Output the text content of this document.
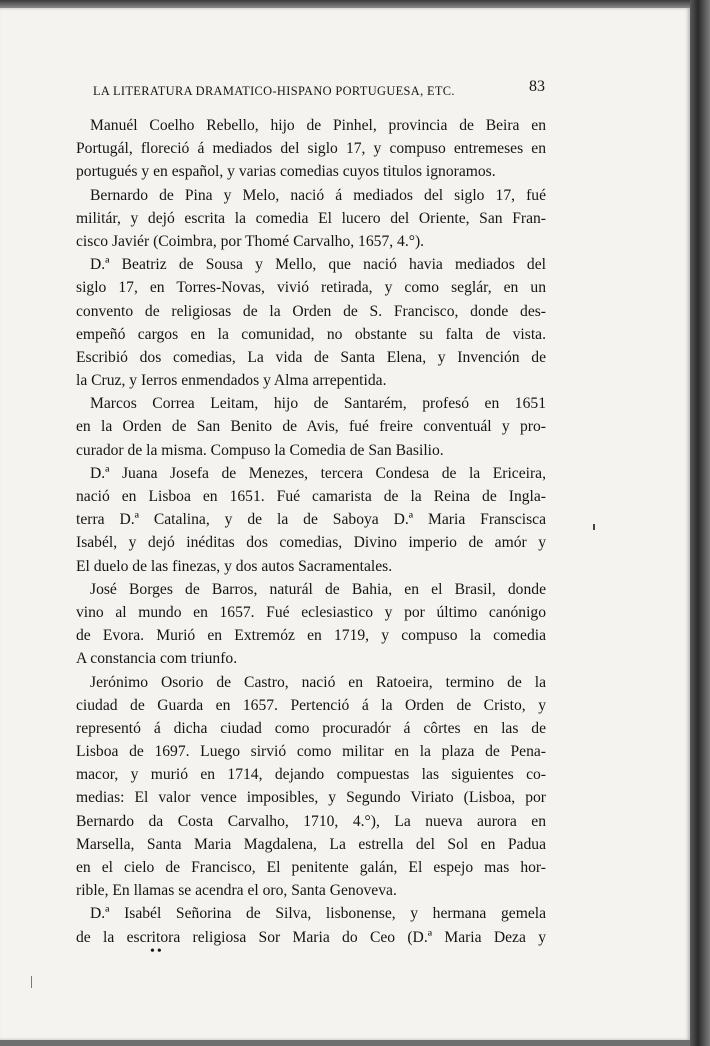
LA LITERATURA DRAMATICO-HISPANO PORTUGUESA, ETC.	83
Manuél Coelho Rebello, hijo de Pinhel, provincia de Beira en
Portugál, floreció á mediados del siglo 17, y compuso entremeses en
portugués y en español, y varias comedias cuyos titulos ignoramos.
Bernardo de Pina y Melo, nació á mediados del siglo 17, fué
militár, y dejó escrita la comedia El lucero del Oriente, San Fran-
cisco Javiér (Coimbra, por Thomé Carvalho, 1657, 4.°).
D.ª Beatriz de Sousa y Mello, que nació havia mediados del
siglo 17, en Torres-Novas, vivió retirada, y como seglár, en un
convento de religiosas de la Orden de S. Francisco, donde des-
empeñó cargos en la comunidad, no obstante su falta de vista.
Escribió dos comedias, La vida de Santa Elena, y Invención de
la Cruz, y Ierros enmendados y Alma arrepentida.
Marcos Correa Leitam, hijo de Santarém, profesó en 1651
en la Orden de San Benito de Avis, fué freire conventuál y pro-
curador de la misma. Compuso la Comedia de San Basilio.
D.ª Juana Josefa de Menezes, tercera Condesa de la Ericeira,
nació en Lisboa en 1651. Fué camarista de la Reina de Ingla-
terra D.ª Catalina, y de la de Saboya D.ª Maria Franscisca
Isabél, y dejó inéditas dos comedias, Divino imperio de amór y
El duelo de las finezas, y dos autos Sacramentales.
José Borges de Barros, naturál de Bahia, en el Brasil, donde
vino al mundo en 1657. Fué eclesiastico y por último canónigo
de Evora. Murió en Extremóz en 1719, y compuso la comedia
A constancia com triunfo.
Jerónimo Osorio de Castro, nació en Ratoeira, termino de la
ciudad de Guarda en 1657. Pertenció á la Orden de Cristo, y
representó á dicha ciudad como procuradór á côrtes en las de
Lisboa de 1697. Luego sirvió como militar en la plaza de Pena-
macor, y murió en 1714, dejando compuestas las siguientes co-
medias: El valor vence imposibles, y Segundo Viriato (Lisboa, por
Bernardo da Costa Carvalho, 1710, 4.°), La nueva aurora en
Marsella, Santa Maria Magdalena, La estrella del Sol en Padua
en el cielo de Francisco, El penitente galán, El espejo mas hor-
rible, En llamas se acendra el oro, Santa Genoveva.
D.ª Isabél Señorina de Silva, lisbonense, y hermana gemela
de la escritora religiosa Sor Maria do Ceo (D.ª Maria Deza y
••
